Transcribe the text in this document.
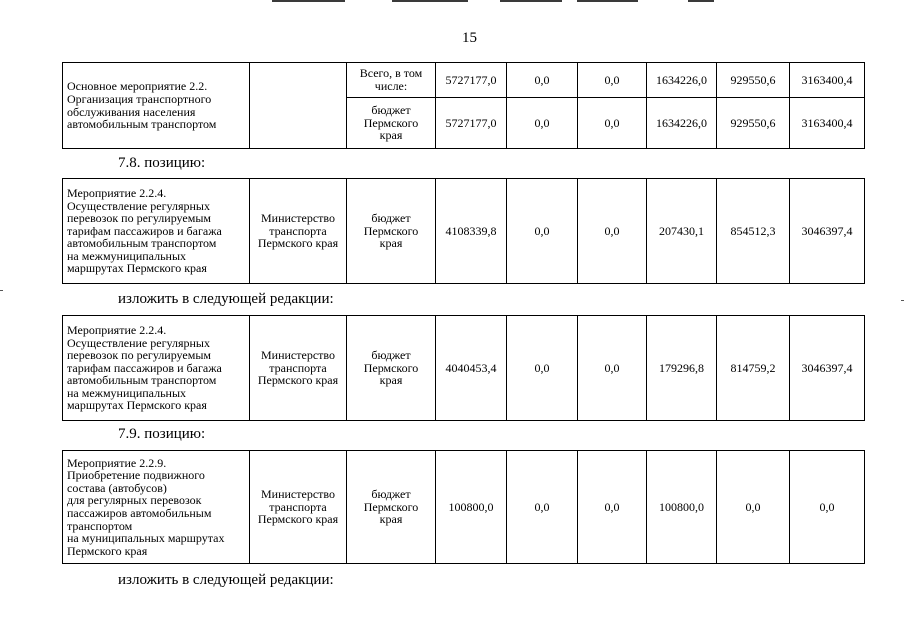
15
Основное мероприятие 2.2.
Организация транспортного
обслуживания населения
автомобильным транспортом		Всего, в том
числе:	5727177,0	0,0	0,0	1634226,0	929550,6	3163400,4
		бюджет
Пермского
края	5727177,0	0,0	0,0	1634226,0	929550,6	3163400,4
7.8. позицию:
Мероприятие 2.2.4.
Осуществление регулярных
перевозок по регулируемым
тарифам пассажиров и багажа
автомобильным транспортом
на межмуниципальных
маршрутах Пермского края	Министерство
транспорта
Пермского края	бюджет
Пермского
края	4108339,8	0,0	0,0	207430,1	854512,3	3046397,4
изложить в следующей редакции:
Мероприятие 2.2.4.
Осуществление регулярных
перевозок по регулируемым
тарифам пассажиров и багажа
автомобильным транспортом
на межмуниципальных
маршрутах Пермского края	Министерство
транспорта
Пермского края	бюджет
Пермского
края	4040453,4	0,0	0,0	179296,8	814759,2	3046397,4
7.9. позицию:
Мероприятие 2.2.9.
Приобретение подвижного
состава (автобусов)
для регулярных перевозок
пассажиров автомобильным
транспортом
на муниципальных маршрутах
Пермского края	Министерство
транспорта
Пермского края	бюджет
Пермского
края	100800,0	0,0	0,0	100800,0	0,0	0,0
изложить в следующей редакции:
